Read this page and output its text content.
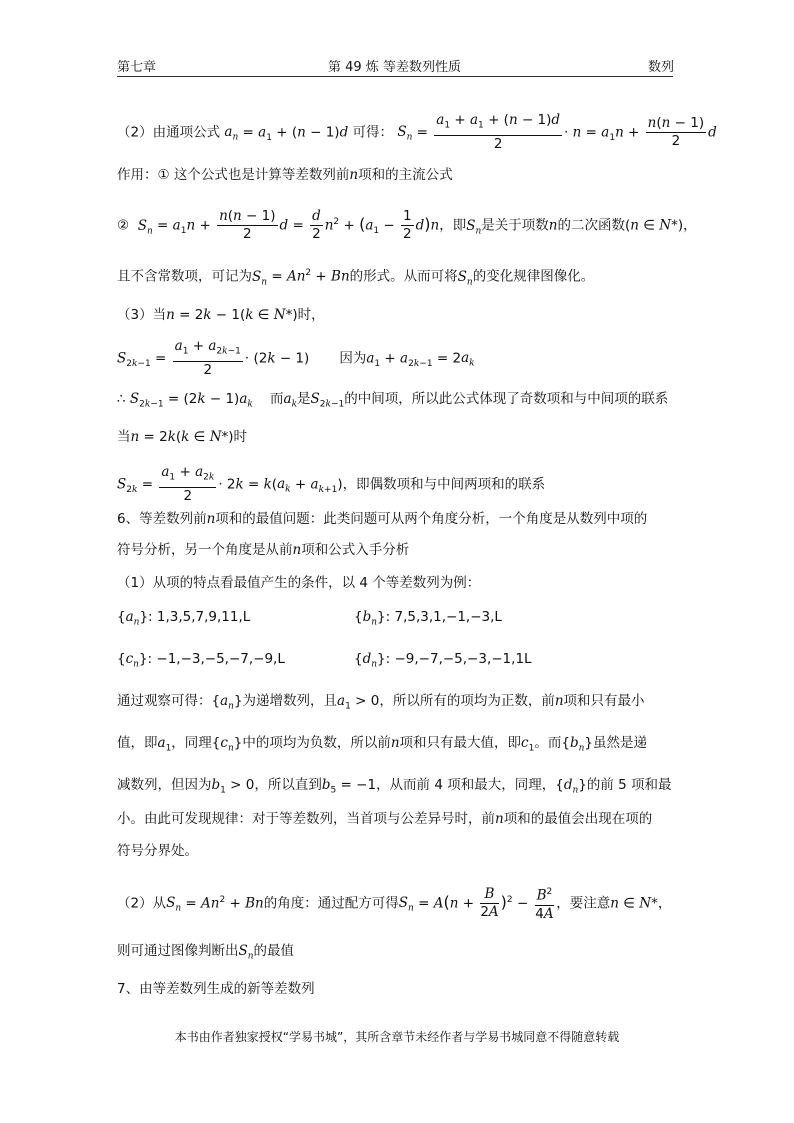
第七章	第 49 炼 等差数列性质	数列
（2）由通项公式 $a_n = a_1 + (n - 1)d$ 可得： $S_n = \frac{a_1 + a_1 + (n - 1)d}{2} \cdot n = a_1n + \frac{n(n - 1)}{2}$ d
作用：① 这个公式也是计算等差数列前n项和的主流公式
② $S_n = a_1n + \frac{n(n - 1)}{2}$ $d = \frac{d}{2} n^2 + (a_1 - \frac{1}{2} d)n$，即$S_n$是关于项数n的二次函数(n ∈ N*)，
且不含常数项，可记为$S_n = An^2 + Bn$的形式。从而可将$S_n$的变化规律图像化。
（3）当n = 2k − 1(k ∈ N*)时，
$S_{2k-1} = \frac{a_1 + a_{2k-1}}{2} \cdot (2k - 1)$       因为$a_1 + a_{2k-1} = 2a_k$
∴ $S_{2k-1} = (2k - 1)a_k$ 而$a_k$是$S_{2k-1}$的中间项，所以此公式体现了奇数项和与中间项的联系
当n = 2k(k ∈ N*)时
$S_{2k} = \frac{a_1 + a_{2k}}{2} \cdot 2k = k(a_k + a_{k+1})$，即偶数项和与中间两项和的联系
6、等差数列前n项和的最值问题：此类问题可从两个角度分析，一个角度是从数列中项的
符号分析，另一个角度是从前n项和公式入手分析
（1）从项的特点看最值产生的条件，以 4 个等差数列为例：
$\{a_n\}$: 1,3,5,7,9,11,L	$\{b_n\}$: 7,5,3,1,−1,−3,L
$\{c_n\}$: −1,−3,−5,−7,−9,L	$\{d_n\}$: −9,−7,−5,−3,−1,1L
通过观察可得：$\{a_n\}$为递增数列，且$a_1 > 0$，所以所有的项均为正数，前n项和只有最小
值，即$a_1$，同理$\{c_n\}$中的项均为负数，所以前n项和只有最大值，即$c_1$。而$\{b_n\}$虽然是递
减数列，但因为$b_1 > 0$，所以直到$b_5 = -1$，从而前 4 项和最大，同理，$\{d_n\}$的前 5 项和最
小。由此可发现规律：对于等差数列，当首项与公差异号时，前n项和的最值会出现在项的
符号分界处。
（2）从$S_n = An^2 + Bn$的角度：通过配方可得$S_n = A(n + \frac{B}{2A} )^2 - \frac{B^2}{4A}$ ，要注意n ∈ N*，
则可通过图像判断出$S_n$的最值
7、由等差数列生成的新等差数列
本书由作者独家授权“学易书城”，其所含章节未经作者与学易书城同意不得随意转载
